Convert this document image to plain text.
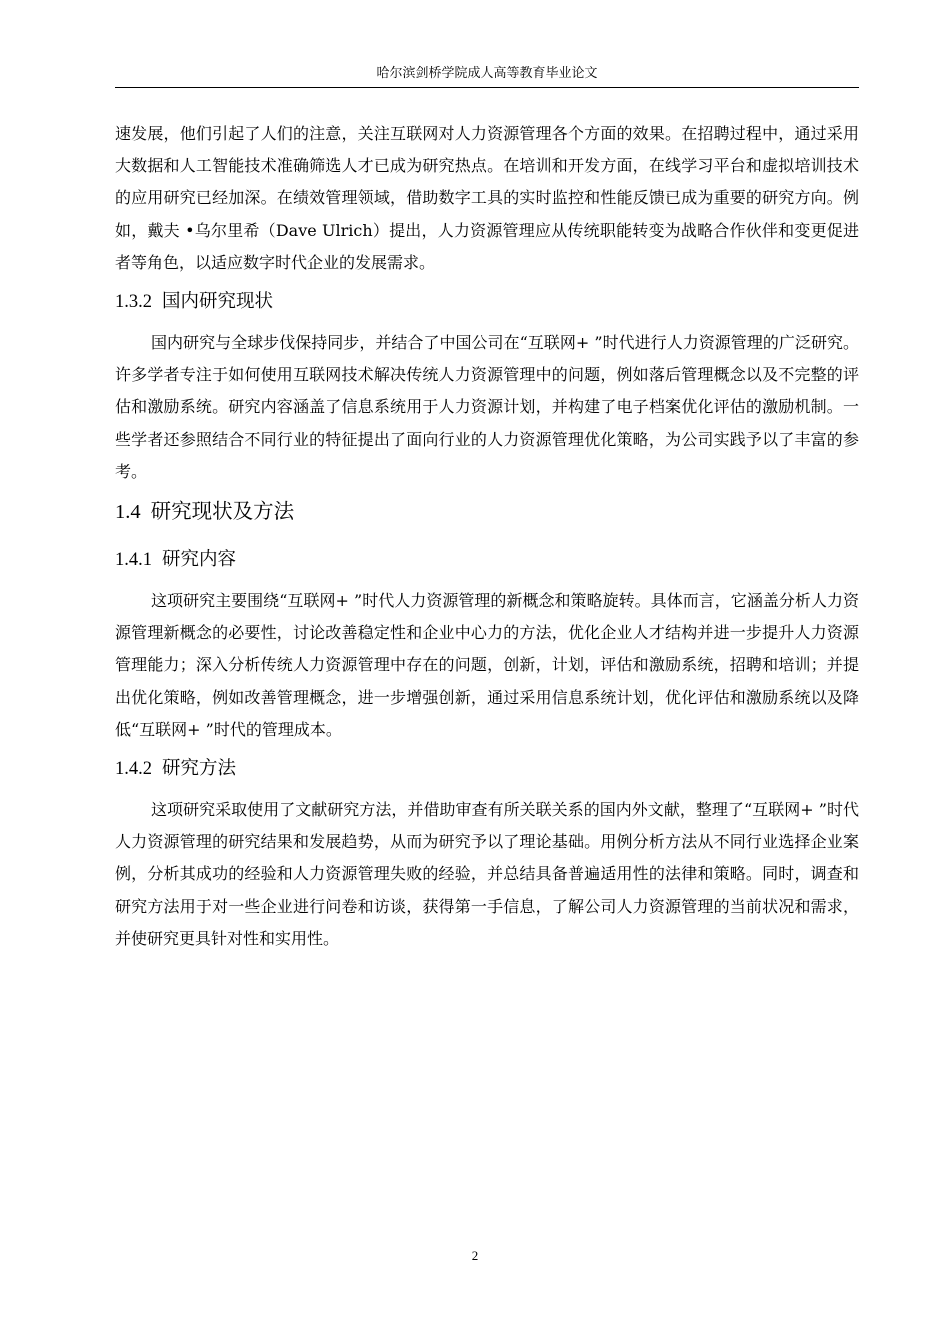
哈尔滨剑桥学院成人高等教育毕业论文

速发展，他们引起了人们的注意，关注互联网对人力资源管理各个方面的效果。在招聘过程中，通过采用大数据和人工智能技术准确筛选人才已成为研究热点。在培训和开发方面，在线学习平台和虚拟培训技术的应用研究已经加深。在绩效管理领域，借助数字工具的实时监控和性能反馈已成为重要的研究方向。例如，戴夫 •乌尔里希（Dave Ulrich）提出，人力资源管理应从传统职能转变为战略合作伙伴和变更促进者等角色，以适应数字时代企业的发展需求。

1.3.2 国内研究现状

国内研究与全球步伐保持同步，并结合了中国公司在“互联网+ ”时代进行人力资源管理的广泛研究。许多学者专注于如何使用互联网技术解决传统人力资源管理中的问题，例如落后管理概念以及不完整的评估和激励系统。研究内容涵盖了信息系统用于人力资源计划，并构建了电子档案优化评估的激励机制。一些学者还参照结合不同行业的特征提出了面向行业的人力资源管理优化策略，为公司实践予以了丰富的参考。

1.4 研究现状及方法
1.4.1 研究内容

这项研究主要围绕“互联网+ ”时代人力资源管理的新概念和策略旋转。具体而言，它涵盖分析人力资源管理新概念的必要性，讨论改善稳定性和企业中心力的方法，优化企业人才结构并进一步提升人力资源管理能力；深入分析传统人力资源管理中存在的问题，创新，计划，评估和激励系统，招聘和培训；并提出优化策略，例如改善管理概念，进一步增强创新，通过采用信息系统计划，优化评估和激励系统以及降低“互联网+ ”时代的管理成本。

1.4.2 研究方法

这项研究采取使用了文献研究方法，并借助审查有所关联关系的国内外文献，整理了“互联网+ ”时代人力资源管理的研究结果和发展趋势，从而为研究予以了理论基础。用例分析方法从不同行业选择企业案例，分析其成功的经验和人力资源管理失败的经验，并总结具备普遍适用性的法律和策略。同时，调查和研究方法用于对一些企业进行问卷和访谈，获得第一手信息，了解公司人力资源管理的当前状况和需求，并使研究更具针对性和实用性。

2
